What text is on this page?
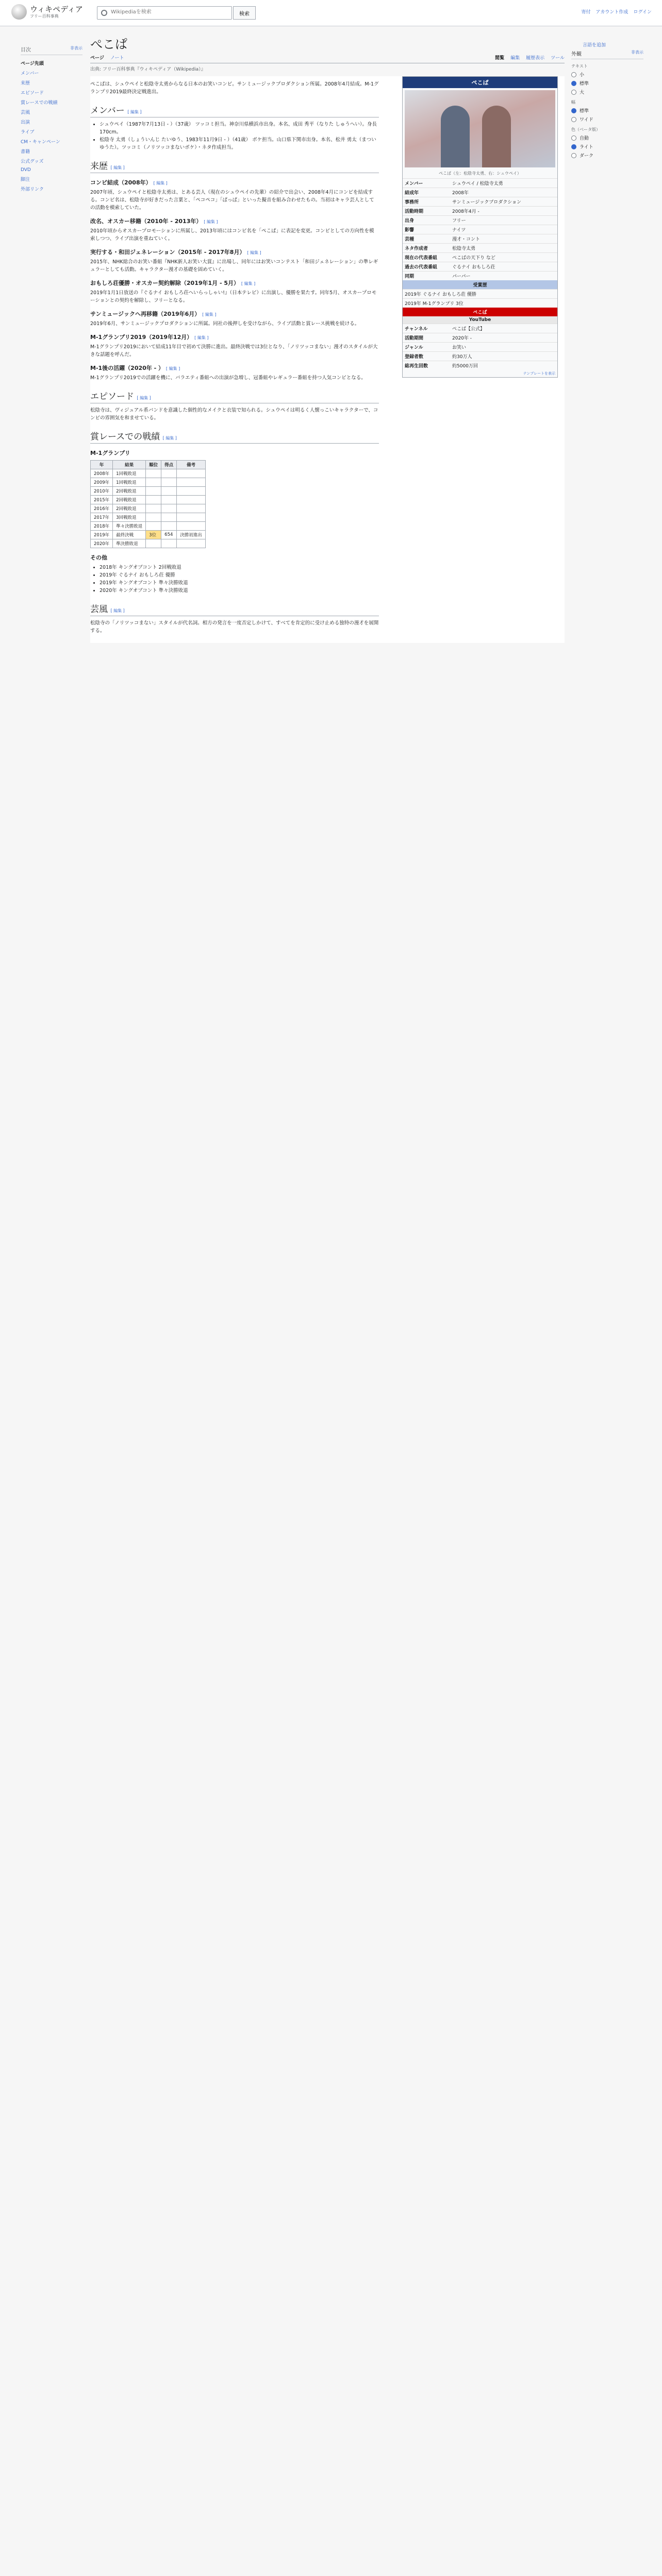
ウィキペディア
フリー百科事典
Wikipediaを検索	検索	寄付 アカウント作成 ログイン
目次	非表示
ページ先頭
メンバー
来歴
エピソード
賞レースでの戦績
芸風
出演
ライブ
CM・キャンペーン
書籍
公式グッズ
DVD
脚注
外部リンク
ぺこぱ	言語を追加
ページ ノート	閲覧 編集 履歴表示 ツール
出典: フリー百科事典『ウィキペディア（Wikipedia）』

ぺこぱは、シュウペイと松陰寺太勇からなる日本のお笑いコンビ。サンミュージックプロダクション所属。2008年4月結成。M-1グランプリ2019最終決定戦進出。

メンバー [ 編集 ]
• シュウペイ（1987年7月13日 - ）（37歳） ツッコミ担当。神奈川県横浜市出身。本名、成田 秀平（なりた しゅうへい）。身長170cm。
• 松陰寺 太勇（しょういんじ たいゆう、1983年11月9日 - ）（41歳） ボケ担当。山口県下関市出身。本名、松井 勇太（まつい ゆうた）。ツッコミ（ノリツッコまないボケ）・ネタ作成担当。
来歴 [ 編集 ]
コンビ結成（2008年） [ 編集 ]

2007年頃、シュウペイと松陰寺太勇は、とある芸人（現在のシュウペイの先輩）の紹介で出会い、2008年4月にコンビを結成する。コンビ名は、松陰寺が好きだった言葉と、「ペコペコ」「ぱっぱ」といった擬音を組み合わせたもの。当初はキャラ芸人としての活動を模索していた。

改名、オスカー移籍（2010年 - 2013年） [ 編集 ]

2010年頃からオスカープロモーションに所属し、2013年頃にはコンビ名を「ぺこぱ」に表記を変更。コンビとしての方向性を模索しつつ、ライブ出演を重ねていく。

実行する・和田ジェネレーション（2015年 - 2017年8月） [ 編集 ]

2015年、NHK総合のお笑い番組『NHK新人お笑い大賞』に出場し、同年にはお笑いコンテスト「和田ジェネレーション」の準レギュラーとしても活動。キャラクター漫才の基礎を固めていく。

おもしろ荘優勝・オスカー契約解除（2019年1月 - 5月） [ 編集 ]

2019年1月1日放送の『ぐるナイ おもしろ荘へいらっしゃい!』（日本テレビ）に出演し、優勝を果たす。同年5月、オスカープロモーションとの契約を解除し、フリーとなる。

サンミュージックへ再移籍（2019年6月） [ 編集 ]

2019年6月、サンミュージックプロダクションに所属。同社の後押しを受けながら、ライブ活動と賞レース挑戦を続ける。

M-1グランプリ2019（2019年12月） [ 編集 ]

M-1グランプリ2019において結成11年目で初めて決勝に進出。最終決戦では3位となり、「ノリツッコまない」漫才のスタイルが大きな話題を呼んだ。

M-1後の活躍（2020年 - ） [ 編集 ]

M-1グランプリ2019での活躍を機に、バラエティ番組への出演が急増し、冠番組やレギュラー番組を持つ人気コンビとなる。

エピソード [ 編集 ]

松陰寺は、ヴィジュアル系バンドを意識した個性的なメイクと衣装で知られる。シュウペイは明るく人懐っこいキャラクターで、コンビの雰囲気を和ませている。

賞レースでの戦績 [ 編集 ]
M-1グランプリ
年	結果	順位	得点	備考
2008年	1回戦敗退			
2009年	1回戦敗退			
2010年	2回戦敗退			
2015年	2回戦敗退			
2016年	2回戦敗退			
2017年	3回戦敗退			
2018年	準々決勝敗退			
2019年	最終決戦	3位	654	決勝初進出
2020年	準決勝敗退			
その他
• 2018年 キングオブコント 2回戦敗退
• 2019年 ぐるナイ おもしろ荘 優勝
• 2019年 キングオブコント 準々決勝敗退
• 2020年 キングオブコント 準々決勝敗退
芸風 [ 編集 ]

松陰寺の「ノリツッコまない」スタイルが代名詞。相方の発言を一度否定しかけて、すべてを肯定的に受け止める独特の漫才を展開する。

ぺこぱ
ぺこぱ（左：松陰寺太勇、右：シュウペイ）
メンバー	シュウペイ / 松陰寺太勇
結成年	2008年
事務所	サンミュージックプロダクション
活動時期	2008年4月 -
出身	フリー
影響	ナイツ
芸種	漫才・コント
ネタ作成者	松陰寺太勇
現在の代表番組	ぺこぱの天下り など
過去の代表番組	ぐるナイ おもしろ荘
同期	パーパー
受賞歴
2019年 ぐるナイ おもしろ荘 優勝
2019年 M-1グランプリ 3位
ぺこぱ
YouTube
チャンネル	ぺこぱ【公式】
活動期間	2020年 -
ジャンル	お笑い
登録者数	約30万人
総再生回数	約5000万回
テンプレートを表示
外観	非表示
テキスト
小
標準
大
幅
標準
ワイド
色（ベータ版）
自動
ライト
ダーク
